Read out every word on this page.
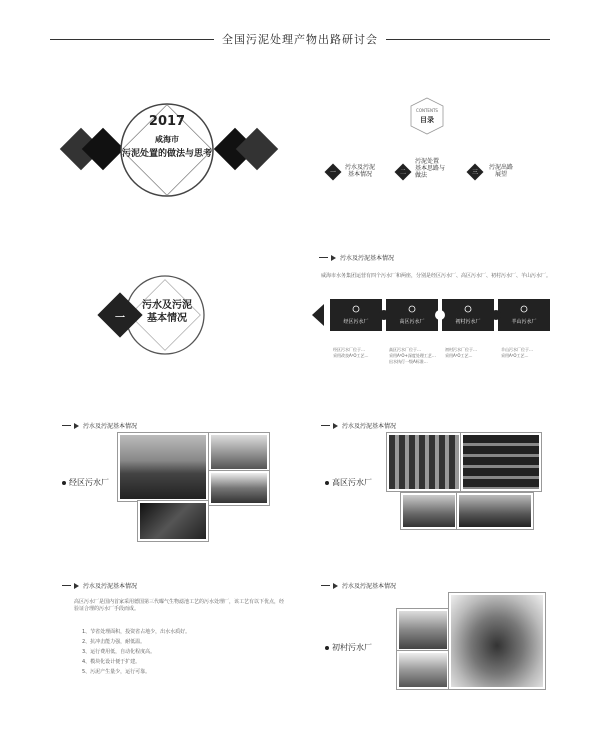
全国污泥处理产物出路研讨会
2017
咸海市
污泥处置的做法与思考
CONTENTS
目录
一
污水及污泥
基本情况	二
污泥处置
基本思路与
做法	三
污泥出路
展望
一
污水及污泥
基本情况
污水及污泥基本情况
威海市水务集团运营有四个污水厂和两座，分别是经区污水厂、高区污水厂、初村污水厂、羊山污水厂。
经区污水厂	高区污水厂	初村污水厂	羊山污水厂
经区污水厂位于…
采用改良A²O工艺…
高区污水厂位于…
采用A²O+深度处理工艺…
出水执行一级A标准…
初村污水厂位于…
采用A²O工艺…
羊山污水厂位于…
采用A²O工艺…
污水及污泥基本情况
经区污水厂
污水及污泥基本情况
高区污水厂
污水及污泥基本情况
高区污水厂是国内首家采用德国第三代曝气生物滤池工艺的污水处理厂，该工艺有以下优点，经验证合理的污水厂手段而成。
1、节省处理面积，投资省占地少，出水水质好。
2、抗冲击能力强，耐低温。
3、运行费用低，自动化程度高。
4、模块化设计便于扩建。
5、污泥产生量少，运行可靠。
污水及污泥基本情况
初村污水厂
